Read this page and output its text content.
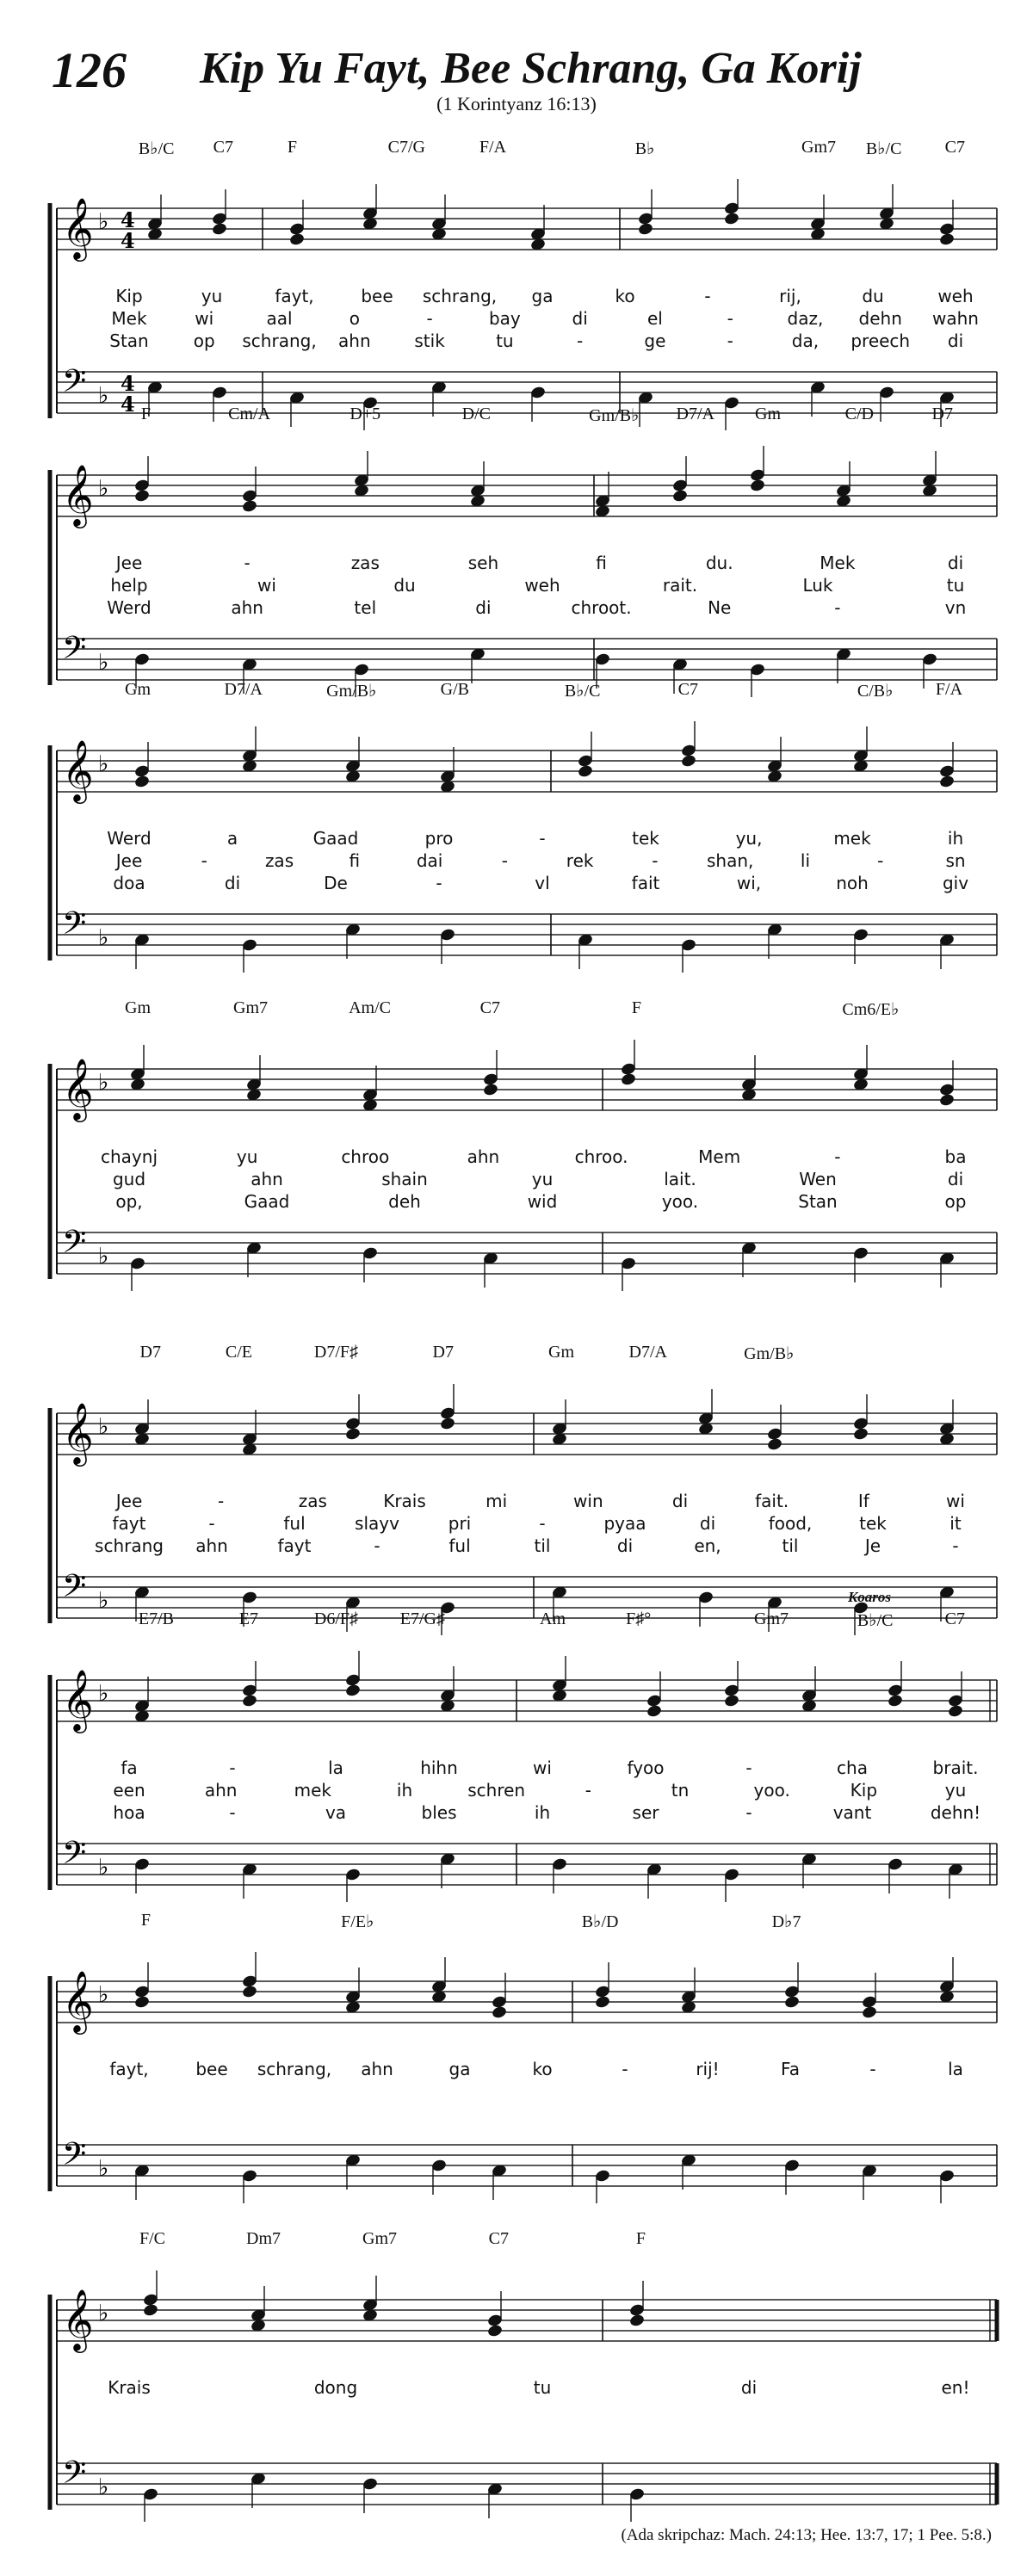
126 Kip Yu Fayt, Bee Schrang, Ga Korij
(1 Korintyanz 16:13)
𝄞 ♭ 4
4
𝄢 ♭ 4
4
B♭/C C7	F	C7/G	F/A	B♭	Gm7 B♭/C	C7
Kip	yu	fayt,	bee schrang, ga	ko	-	rij,	du	weh
Mek	wi	aal	o	-	bay	di	el	-	daz, dehn wahn
Stan	op schrang, ahn	stik	tu	-	ge	-	da, preech di
𝄞 ♭
𝄢 ♭
F	Cm/A	D+5	D/C	Gm/B♭ D7/A Gm	C/D	D7
Jee	-	zas	seh	fi	du.	Mek	di
help	wi	du	weh	rait.	Luk	tu
Werd	ahn	tel	di	chroot.	Ne	-	vn
𝄞 ♭
𝄢 ♭
Gm	D7/A	Gm/B♭	G/B	B♭/C	C7	C/B♭ F/A
Werd	a	Gaad	pro	-	tek	yu,	mek	ih
Jee	-	zas	fi	dai	-	rek	-	shan,	li	-	sn
doa	di	De	-	vl	fait	wi,	noh	giv
𝄞 ♭
𝄢 ♭
Gm	Gm7	Am/C	C7	F	Cm6/E♭
chaynj	yu	chroo	ahn	chroo.	Mem	-	ba
gud	ahn	shain	yu	lait.	Wen	di
op,	Gaad	deh	wid	yoo.	Stan	op
𝄞 ♭
𝄢 ♭
D7	C/E	D7/F♯	D7	Gm	D7/A	Gm/B♭
Jee	-	zas	Krais	mi	win	di	fait.	If	wi
fayt	-	ful	slayv	pri	-	pyaa	di	food,	tek	it
schrang ahn	fayt	-	ful	til	di	en,	til	Je	-
𝄞 ♭
𝄢 ♭
E7/B	E7	D6/F♯ E7/G♯	Am	F♯°	Gm7	B♭/C	C7
Koaros
fa	-	la	hihn	wi	fyoo	-	cha	brait.
een	ahn	mek	ih	schren	-	tn	yoo.	Kip	yu
hoa	-	va	bles	ih	ser	-	vant	dehn!
𝄞 ♭
𝄢 ♭
F	F/E♭	B♭/D	D♭7
fayt,	bee schrang, ahn	ga	ko	-	rij!	Fa	-	la
𝄞 ♭
𝄢 ♭
F/C	Dm7	Gm7	C7	F
Krais	dong	tu	di	en!
(Ada skripchaz: Mach. 24:13; Hee. 13:7, 17; 1 Pee. 5:8.)
